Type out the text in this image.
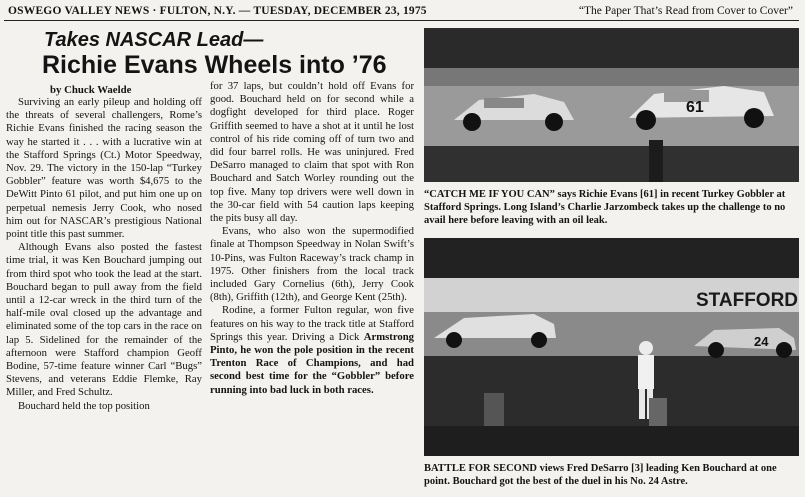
OSWEGO VALLEY NEWS · FULTON, N.Y. — TUESDAY, DECEMBER 23, 1975	“The Paper That’s Read from Cover to Cover”
Takes NASCAR Lead—
Richie Evans Wheels into ’76
by Chuck Waelde

Surviving an early pileup and holding off the threats of several challengers, Rome’s Richie Evans finished the racing season the way he started it . . . with a lucrative win at the Stafford Springs (Ct.) Motor Speedway, Nov. 29. The victory in the 150-lap “Turkey Gobbler” feature was worth $4,675 to the DeWitt Pinto 61 pilot, and put him one up on perpetual nemesis Jerry Cook, who nosed him out for NASCAR’s prestigious National point title this past summer.

Although Evans also posted the fastest time trial, it was Ken Bouchard jumping out from third spot who took the lead at the start. Bouchard began to pull away from the field until a 12-car wreck in the third turn of the half-mile oval closed up the advantage and eliminated some of the top cars in the race on lap 5. Sidelined for the remainder of the afternoon were Stafford champion Geoff Bodine, 57-time feature winner Carl “Bugs” Stevens, and veterans Eddie Flemke, Ray Miller, and Fred Schultz.

Bouchard held the top position

for 37 laps, but couldn’t hold off Evans for good. Bouchard held on for second while a dogfight developed for third place. Roger Griffith seemed to have a shot at it until he lost control of his ride coming off of turn two and did four barrel rolls. He was uninjured. Fred DeSarro managed to claim that spot with Ron Bouchard and Satch Worley rounding out the top five. Many top drivers were well down in the 30-car field with 54 caution laps keeping the pits busy all day.

Evans, who also won the supermodified finale at Thompson Speedway in Nolan Swift’s 10-Pins, was Fulton Raceway’s track champ in 1975. Other finishers from the local track included Gary Cornelius (6th), Jerry Cook (8th), Griffith (12th), and George Kent (25th).

Rodine, a former Fulton regular, won five features on his way to the track title at Stafford Springs this year. Driving a Dick Armstrong Pinto, he won the pole position in the recent Trenton Race of Champions, and had second best time for the “Gobbler” before running into bad luck in both races.

61
“CATCH ME IF YOU CAN” says Richie Evans [61] in recent Turkey Gobbler at Stafford Springs. Long Island’s Charlie Jarzombeck takes up the challenge to no avail here before leaving with an oil leak.
STAFFORD
24
BATTLE FOR SECOND views Fred DeSarro [3] leading Ken Bouchard at one point. Bouchard got the best of the duel in his No. 24 Astre.
